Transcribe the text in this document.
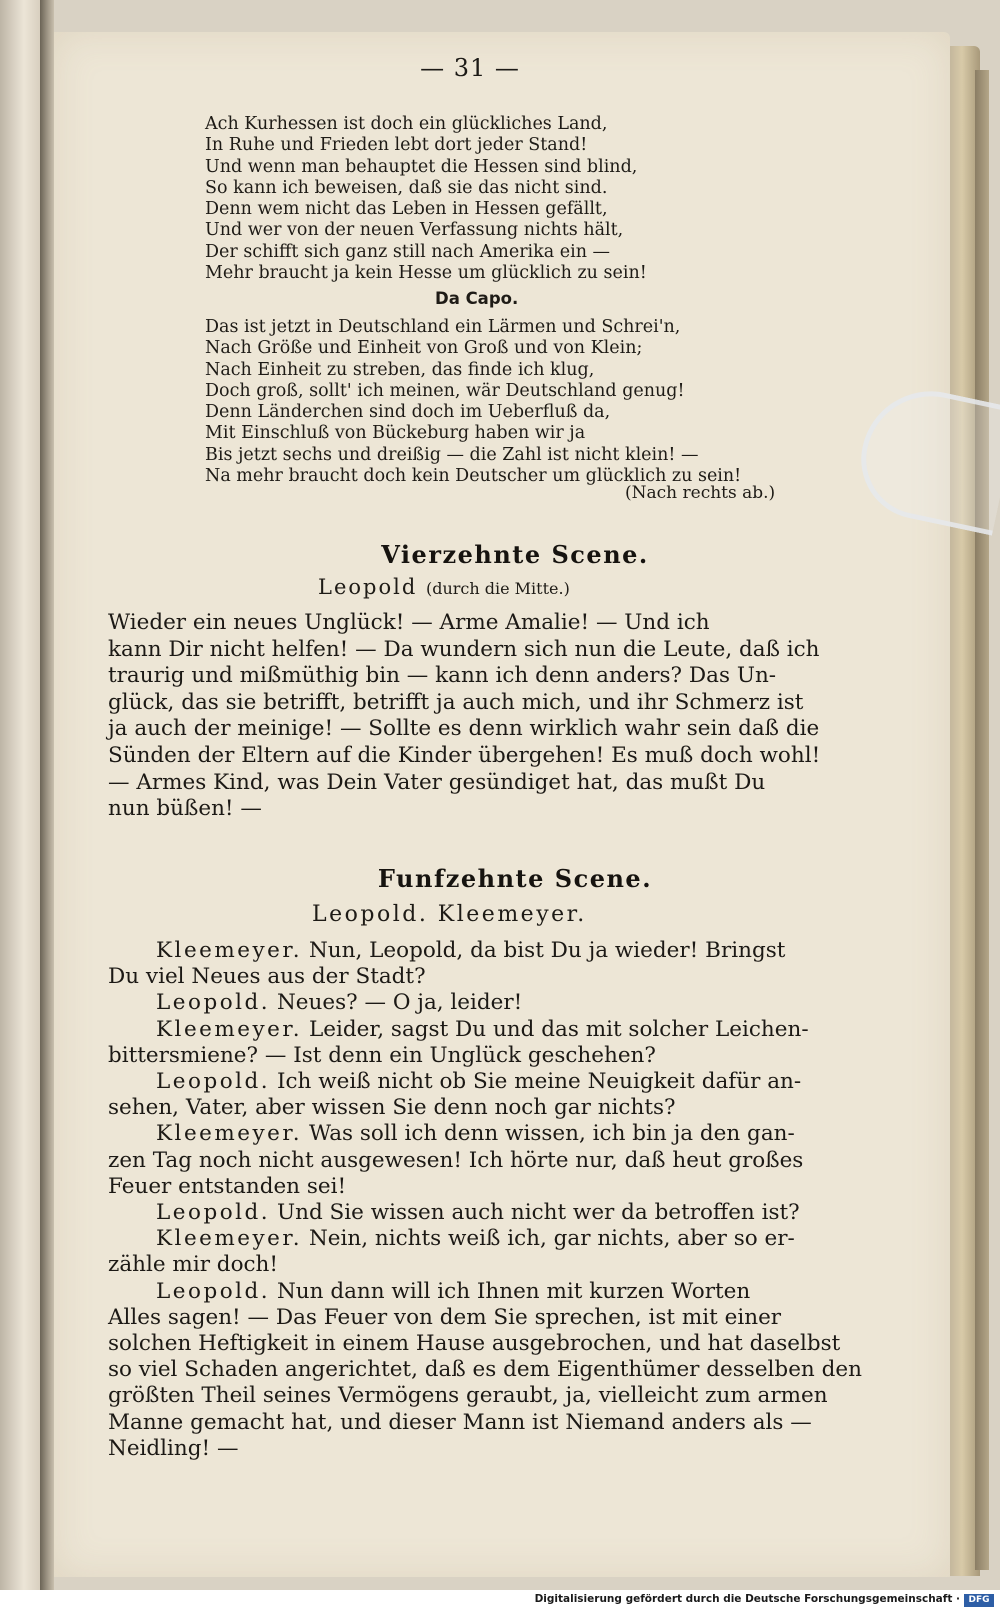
— 31 —
Ach Kurhessen ist doch ein glückliches Land,
In Ruhe und Frieden lebt dort jeder Stand!
Und wenn man behauptet die Hessen sind blind,
So kann ich beweisen, daß sie das nicht sind.
Denn wem nicht das Leben in Hessen gefällt,
Und wer von der neuen Verfassung nichts hält,
Der schifft sich ganz still nach Amerika ein —
Mehr braucht ja kein Hesse um glücklich zu sein!
Da Capo.
Das ist jetzt in Deutschland ein Lärmen und Schrei'n,
Nach Größe und Einheit von Groß und von Klein;
Nach Einheit zu streben, das finde ich klug,
Doch groß, sollt' ich meinen, wär Deutschland genug!
Denn Länderchen sind doch im Ueberfluß da,
Mit Einschluß von Bückeburg haben wir ja
Bis jetzt sechs und dreißig — die Zahl ist nicht klein! —
Na mehr braucht doch kein Deutscher um glücklich zu sein!
(Nach rechts ab.)
Vierzehnte Scene.
Leopold (durch die Mitte.)
Wieder ein neues Unglück! — Arme Amalie! — Und ich
kann Dir nicht helfen! — Da wundern sich nun die Leute, daß ich
traurig und mißmüthig bin — kann ich denn anders? Das Un-
glück, das sie betrifft, betrifft ja auch mich, und ihr Schmerz ist
ja auch der meinige! — Sollte es denn wirklich wahr sein daß die
Sünden der Eltern auf die Kinder übergehen! Es muß doch wohl!
— Armes Kind, was Dein Vater gesündiget hat, das mußt Du
nun büßen! —
Funfzehnte Scene.
Leopold. Kleemeyer.
Kleemeyer. Nun, Leopold, da bist Du ja wieder! Bringst
Du viel Neues aus der Stadt?
Leopold. Neues? — O ja, leider!
Kleemeyer. Leider, sagst Du und das mit solcher Leichen-
bittersmiene? — Ist denn ein Unglück geschehen?
Leopold. Ich weiß nicht ob Sie meine Neuigkeit dafür an-
sehen, Vater, aber wissen Sie denn noch gar nichts?
Kleemeyer. Was soll ich denn wissen, ich bin ja den gan-
zen Tag noch nicht ausgewesen! Ich hörte nur, daß heut großes
Feuer entstanden sei!
Leopold. Und Sie wissen auch nicht wer da betroffen ist?
Kleemeyer. Nein, nichts weiß ich, gar nichts, aber so er-
zähle mir doch!
Leopold. Nun dann will ich Ihnen mit kurzen Worten
Alles sagen! — Das Feuer von dem Sie sprechen, ist mit einer
solchen Heftigkeit in einem Hause ausgebrochen, und hat daselbst
so viel Schaden angerichtet, daß es dem Eigenthümer desselben den
größten Theil seines Vermögens geraubt, ja, vielleicht zum armen
Manne gemacht hat, und dieser Mann ist Niemand anders als —
Neidling! —
Digitalisierung gefördert durch die Deutsche Forschungsgemeinschaft · DFG
